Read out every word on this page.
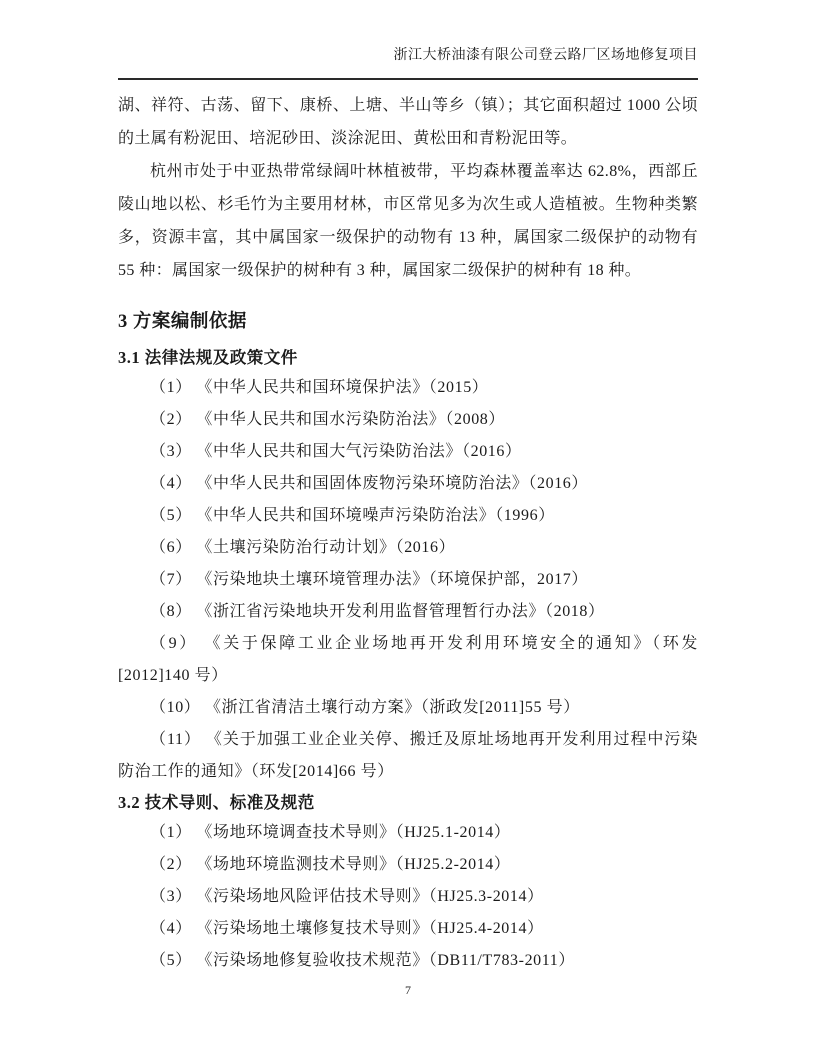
浙江大桥油漆有限公司登云路厂区场地修复项目

湖、祥符、古荡、留下、康桥、上塘、半山等乡（镇）；其它面积超过 1000 公顷的土属有粉泥田、培泥砂田、淡涂泥田、黄松田和青粉泥田等。

杭州市处于中亚热带常绿阔叶林植被带，平均森林覆盖率达 62.8%，西部丘陵山地以松、杉毛竹为主要用材林，市区常见多为次生或人造植被。生物种类繁多，资源丰富，其中属国家一级保护的动物有 13 种，属国家二级保护的动物有 55 种：属国家一级保护的树种有 3 种，属国家二级保护的树种有 18 种。

3 方案编制依据
3.1 法律法规及政策文件

（1） 《中华人民共和国环境保护法》（2015）

（2） 《中华人民共和国水污染防治法》（2008）

（3） 《中华人民共和国大气污染防治法》（2016）

（4） 《中华人民共和国固体废物污染环境防治法》（2016）

（5） 《中华人民共和国环境噪声污染防治法》（1996）

（6） 《土壤污染防治行动计划》（2016）

（7） 《污染地块土壤环境管理办法》（环境保护部，2017）

（8） 《浙江省污染地块开发利用监督管理暂行办法》（2018）

（9） 《关于保障工业企业场地再开发利用环境安全的通知》（环发[2012]140 号）

（10） 《浙江省清洁土壤行动方案》（浙政发[2011]55 号）

（11） 《关于加强工业企业关停、搬迁及原址场地再开发利用过程中污染防治工作的通知》（环发[2014]66 号）

3.2 技术导则、标准及规范

（1） 《场地环境调查技术导则》（HJ25.1-2014）

（2） 《场地环境监测技术导则》（HJ25.2-2014）

（3） 《污染场地风险评估技术导则》（HJ25.3-2014）

（4） 《污染场地土壤修复技术导则》（HJ25.4-2014）

（5） 《污染场地修复验收技术规范》（DB11/T783-2011）

7
